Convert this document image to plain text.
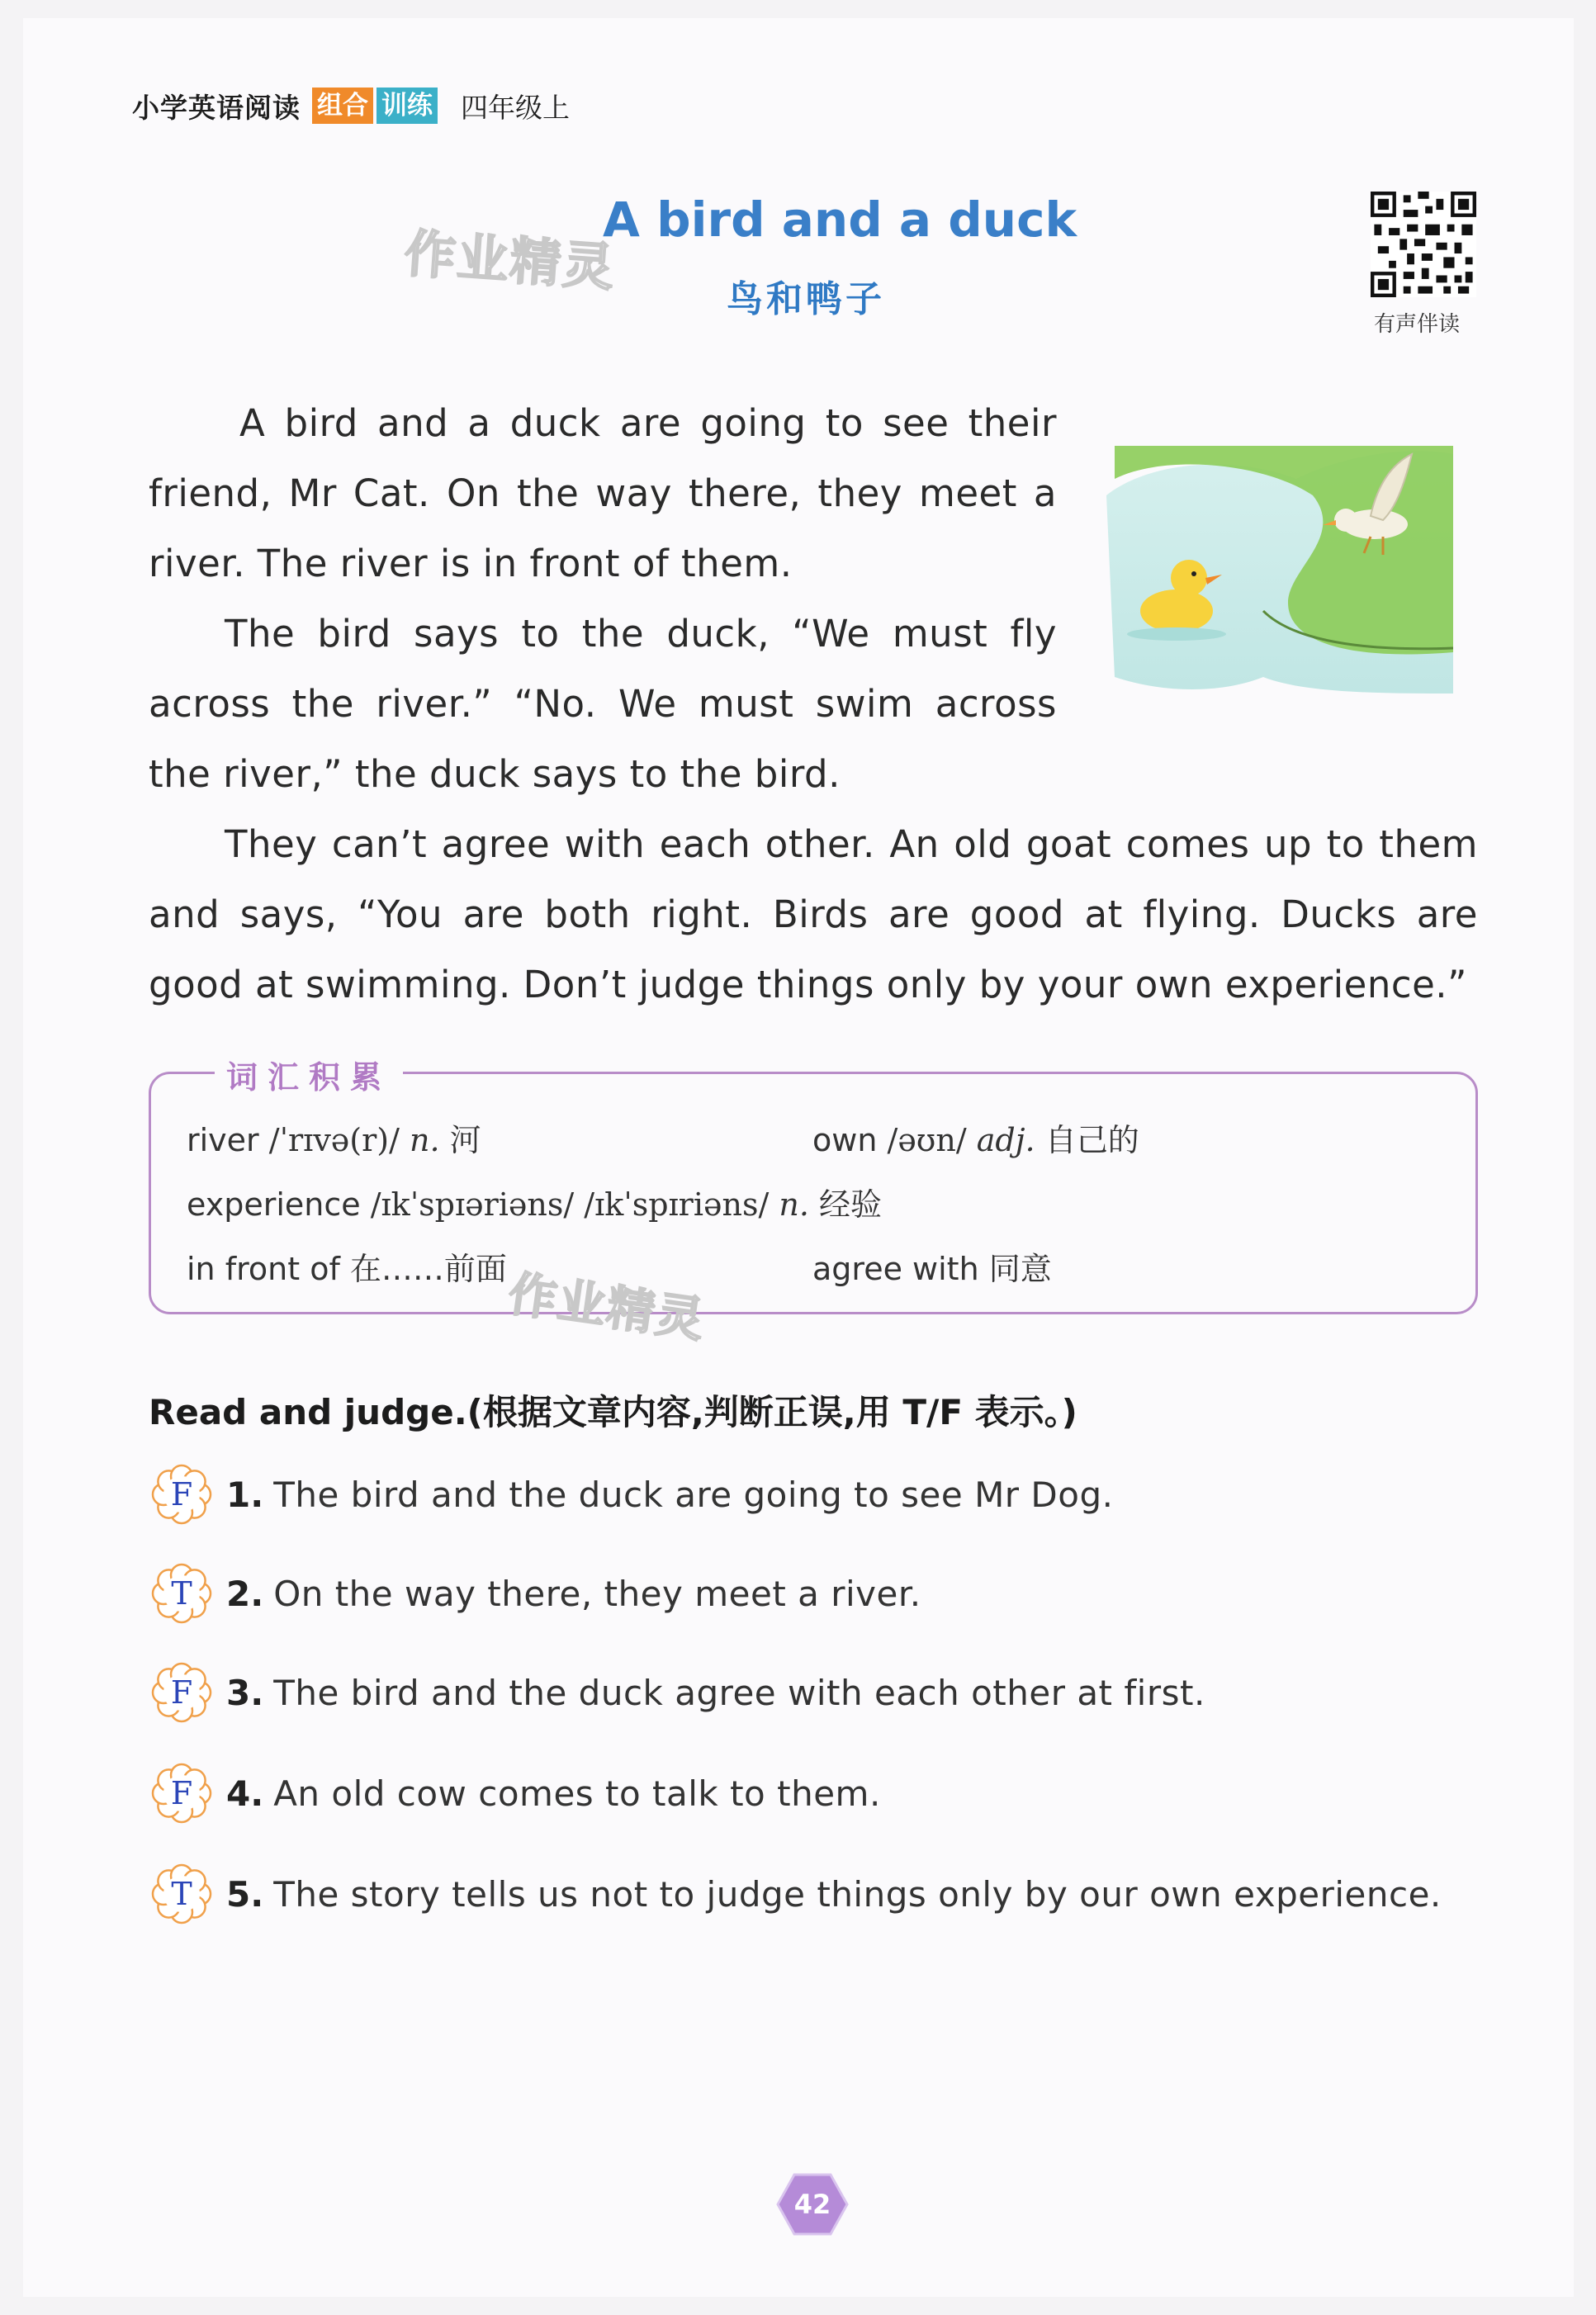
小学英语阅读 组合 训练 四年级上
作业精灵
A bird and a duck
鸟和鸭子
有声伴读
A bird and a duck are going to see their friend, Mr Cat. On the way there, they meet a river. The river is in front of them.
The bird says to the duck, “We must fly across the river.” “No. We must swim across the river,” the duck says to the bird.
They can’t agree with each other. An old goat comes up to them and says, “You are both right. Birds are good at flying. Ducks are good at swimming. Don’t judge things only by your own experience.”
词汇积累
river /ˈrɪvə(r)/ n. 河	own /əʊn/ adj. 自己的
experience /ɪkˈspɪəriəns/ /ɪkˈspɪriəns/ n. 经验
in front of 在……前面	agree with 同意
作业精灵
Read and judge.(根据文章内容,判断正误,用 T/F 表示。)
F 1. The bird and the duck are going to see Mr Dog.
T 2. On the way there, they meet a river.
F 3. The bird and the duck agree with each other at first.
F 4. An old cow comes to talk to them.
T 5. The story tells us not to judge things only by our own experience.
42
